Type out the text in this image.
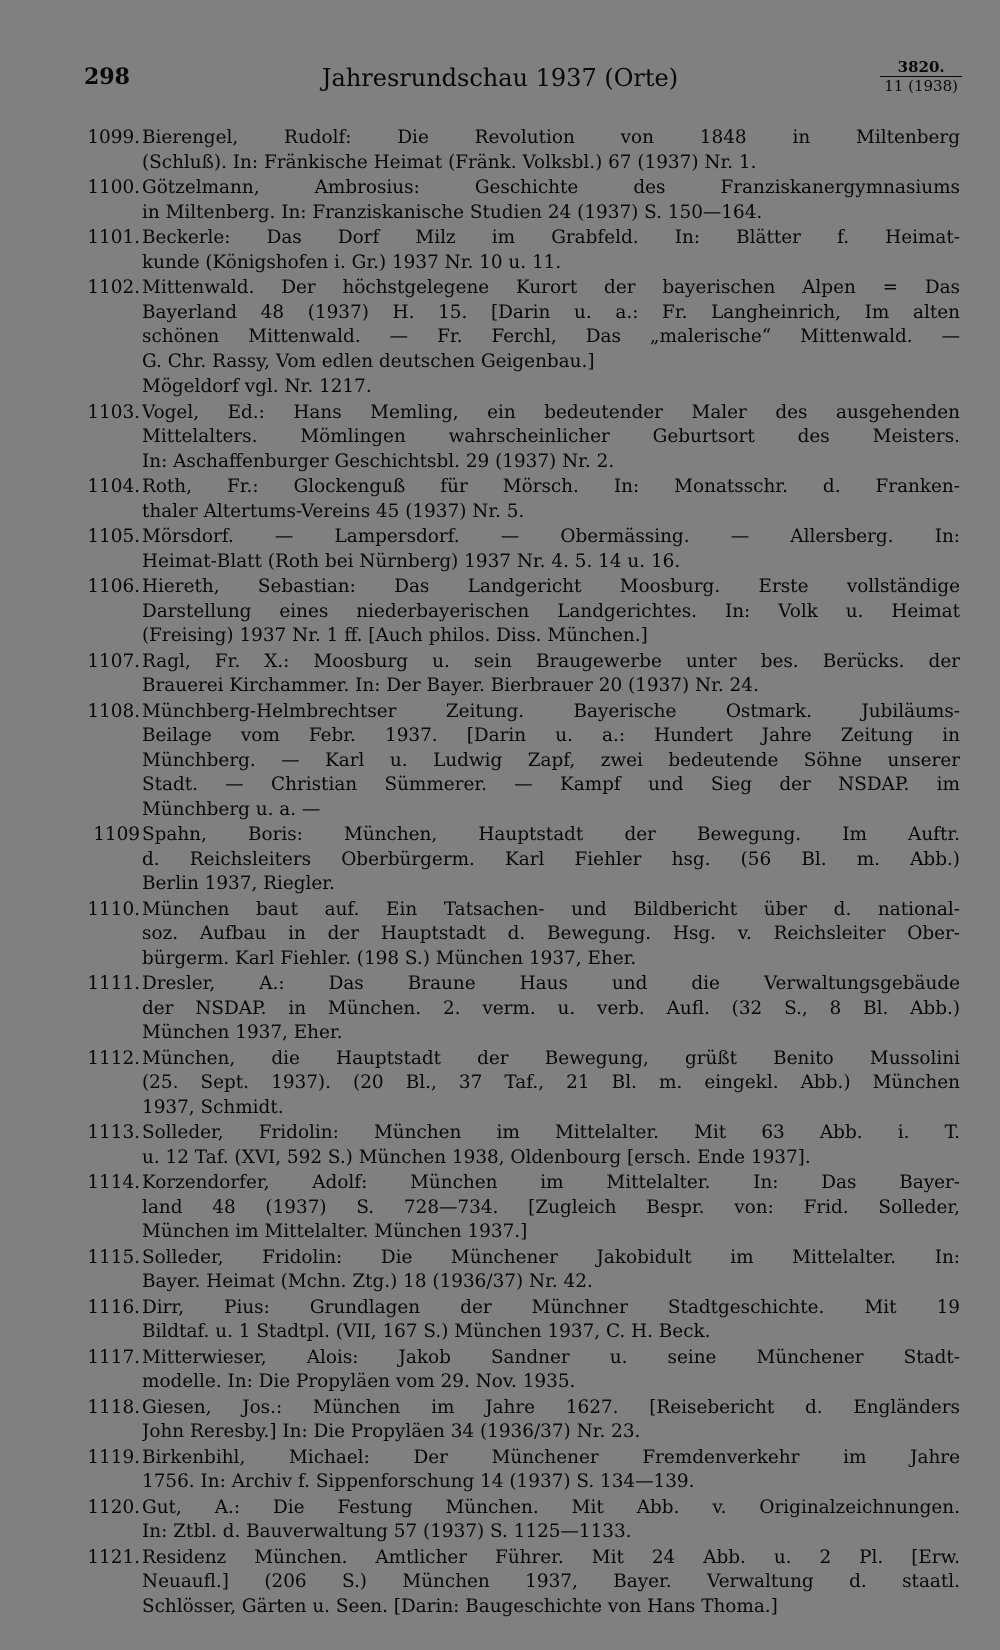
298	Jahresrundschau 1937 (Orte)	3820.
11 (1938)
1099. Bierengel, Rudolf: Die Revolution von 1848 in Miltenberg
(Schluß). In: Fränkische Heimat (Fränk. Volksbl.) 67 (1937) Nr. 1.
1100. Götzelmann, Ambrosius: Geschichte des Franziskanergymnasiums
in Miltenberg. In: Franziskanische Studien 24 (1937) S. 150—164.
1101. Beckerle: Das Dorf Milz im Grabfeld. In: Blätter f. Heimat-
kunde (Königshofen i. Gr.) 1937 Nr. 10 u. 11.
1102. Mittenwald. Der höchstgelegene Kurort der bayerischen Alpen = Das
Bayerland 48 (1937) H. 15. [Darin u. a.: Fr. Langheinrich, Im alten
schönen Mittenwald. — Fr. Ferchl, Das „malerische“ Mittenwald. —
G. Chr. Rassy, Vom edlen deutschen Geigenbau.]
Mögeldorf vgl. Nr. 1217.
1103. Vogel, Ed.: Hans Memling, ein bedeutender Maler des ausgehenden
Mittelalters. Mömlingen wahrscheinlicher Geburtsort des Meisters.
In: Aschaffenburger Geschichtsbl. 29 (1937) Nr. 2.
1104. Roth, Fr.: Glockenguß für Mörsch. In: Monatsschr. d. Franken-
thaler Altertums-Vereins 45 (1937) Nr. 5.
1105. Mörsdorf. — Lampersdorf. — Obermässing. — Allersberg. In:
Heimat-Blatt (Roth bei Nürnberg) 1937 Nr. 4. 5. 14 u. 16.
1106. Hiereth, Sebastian: Das Landgericht Moosburg. Erste vollständige
Darstellung eines niederbayerischen Landgerichtes. In: Volk u. Heimat
(Freising) 1937 Nr. 1 ff. [Auch philos. Diss. München.]
1107. Ragl, Fr. X.: Moosburg u. sein Braugewerbe unter bes. Berücks. der
Brauerei Kirchammer. In: Der Bayer. Bierbrauer 20 (1937) Nr. 24.
1108. Münchberg-Helmbrechtser Zeitung. Bayerische Ostmark. Jubiläums-
Beilage vom Febr. 1937. [Darin u. a.: Hundert Jahre Zeitung in
Münchberg. — Karl u. Ludwig Zapf, zwei bedeutende Söhne unserer
Stadt. — Christian Sümmerer. — Kampf und Sieg der NSDAP. im
Münchberg u. a. —
1109 Spahn, Boris: München, Hauptstadt der Bewegung. Im Auftr.
d. Reichsleiters Oberbürgerm. Karl Fiehler hsg. (56 Bl. m. Abb.)
Berlin 1937, Riegler.
1110. München baut auf. Ein Tatsachen- und Bildbericht über d. national-
soz. Aufbau in der Hauptstadt d. Bewegung. Hsg. v. Reichsleiter Ober-
bürgerm. Karl Fiehler. (198 S.) München 1937, Eher.
1111. Dresler, A.: Das Braune Haus und die Verwaltungsgebäude
der NSDAP. in München. 2. verm. u. verb. Aufl. (32 S., 8 Bl. Abb.)
München 1937, Eher.
1112. München, die Hauptstadt der Bewegung, grüßt Benito Mussolini
(25. Sept. 1937). (20 Bl., 37 Taf., 21 Bl. m. eingekl. Abb.) München
1937, Schmidt.
1113. Solleder, Fridolin: München im Mittelalter. Mit 63 Abb. i. T.
u. 12 Taf. (XVI, 592 S.) München 1938, Oldenbourg [ersch. Ende 1937].
1114. Korzendorfer, Adolf: München im Mittelalter. In: Das Bayer-
land 48 (1937) S. 728—734. [Zugleich Bespr. von: Frid. Solleder,
München im Mittelalter. München 1937.]
1115. Solleder, Fridolin: Die Münchener Jakobidult im Mittelalter. In:
Bayer. Heimat (Mchn. Ztg.) 18 (1936/37) Nr. 42.
1116. Dirr, Pius: Grundlagen der Münchner Stadtgeschichte. Mit 19
Bildtaf. u. 1 Stadtpl. (VII, 167 S.) München 1937, C. H. Beck.
1117. Mitterwieser, Alois: Jakob Sandner u. seine Münchener Stadt-
modelle. In: Die Propyläen vom 29. Nov. 1935.
1118. Giesen, Jos.: München im Jahre 1627. [Reisebericht d. Engländers
John Reresby.] In: Die Propyläen 34 (1936/37) Nr. 23.
1119. Birkenbihl, Michael: Der Münchener Fremdenverkehr im Jahre
1756. In: Archiv f. Sippenforschung 14 (1937) S. 134—139.
1120. Gut, A.: Die Festung München. Mit Abb. v. Originalzeichnungen.
In: Ztbl. d. Bauverwaltung 57 (1937) S. 1125—1133.
1121. Residenz München. Amtlicher Führer. Mit 24 Abb. u. 2 Pl. [Erw.
Neuaufl.] (206 S.) München 1937, Bayer. Verwaltung d. staatl.
Schlösser, Gärten u. Seen. [Darin: Baugeschichte von Hans Thoma.]
